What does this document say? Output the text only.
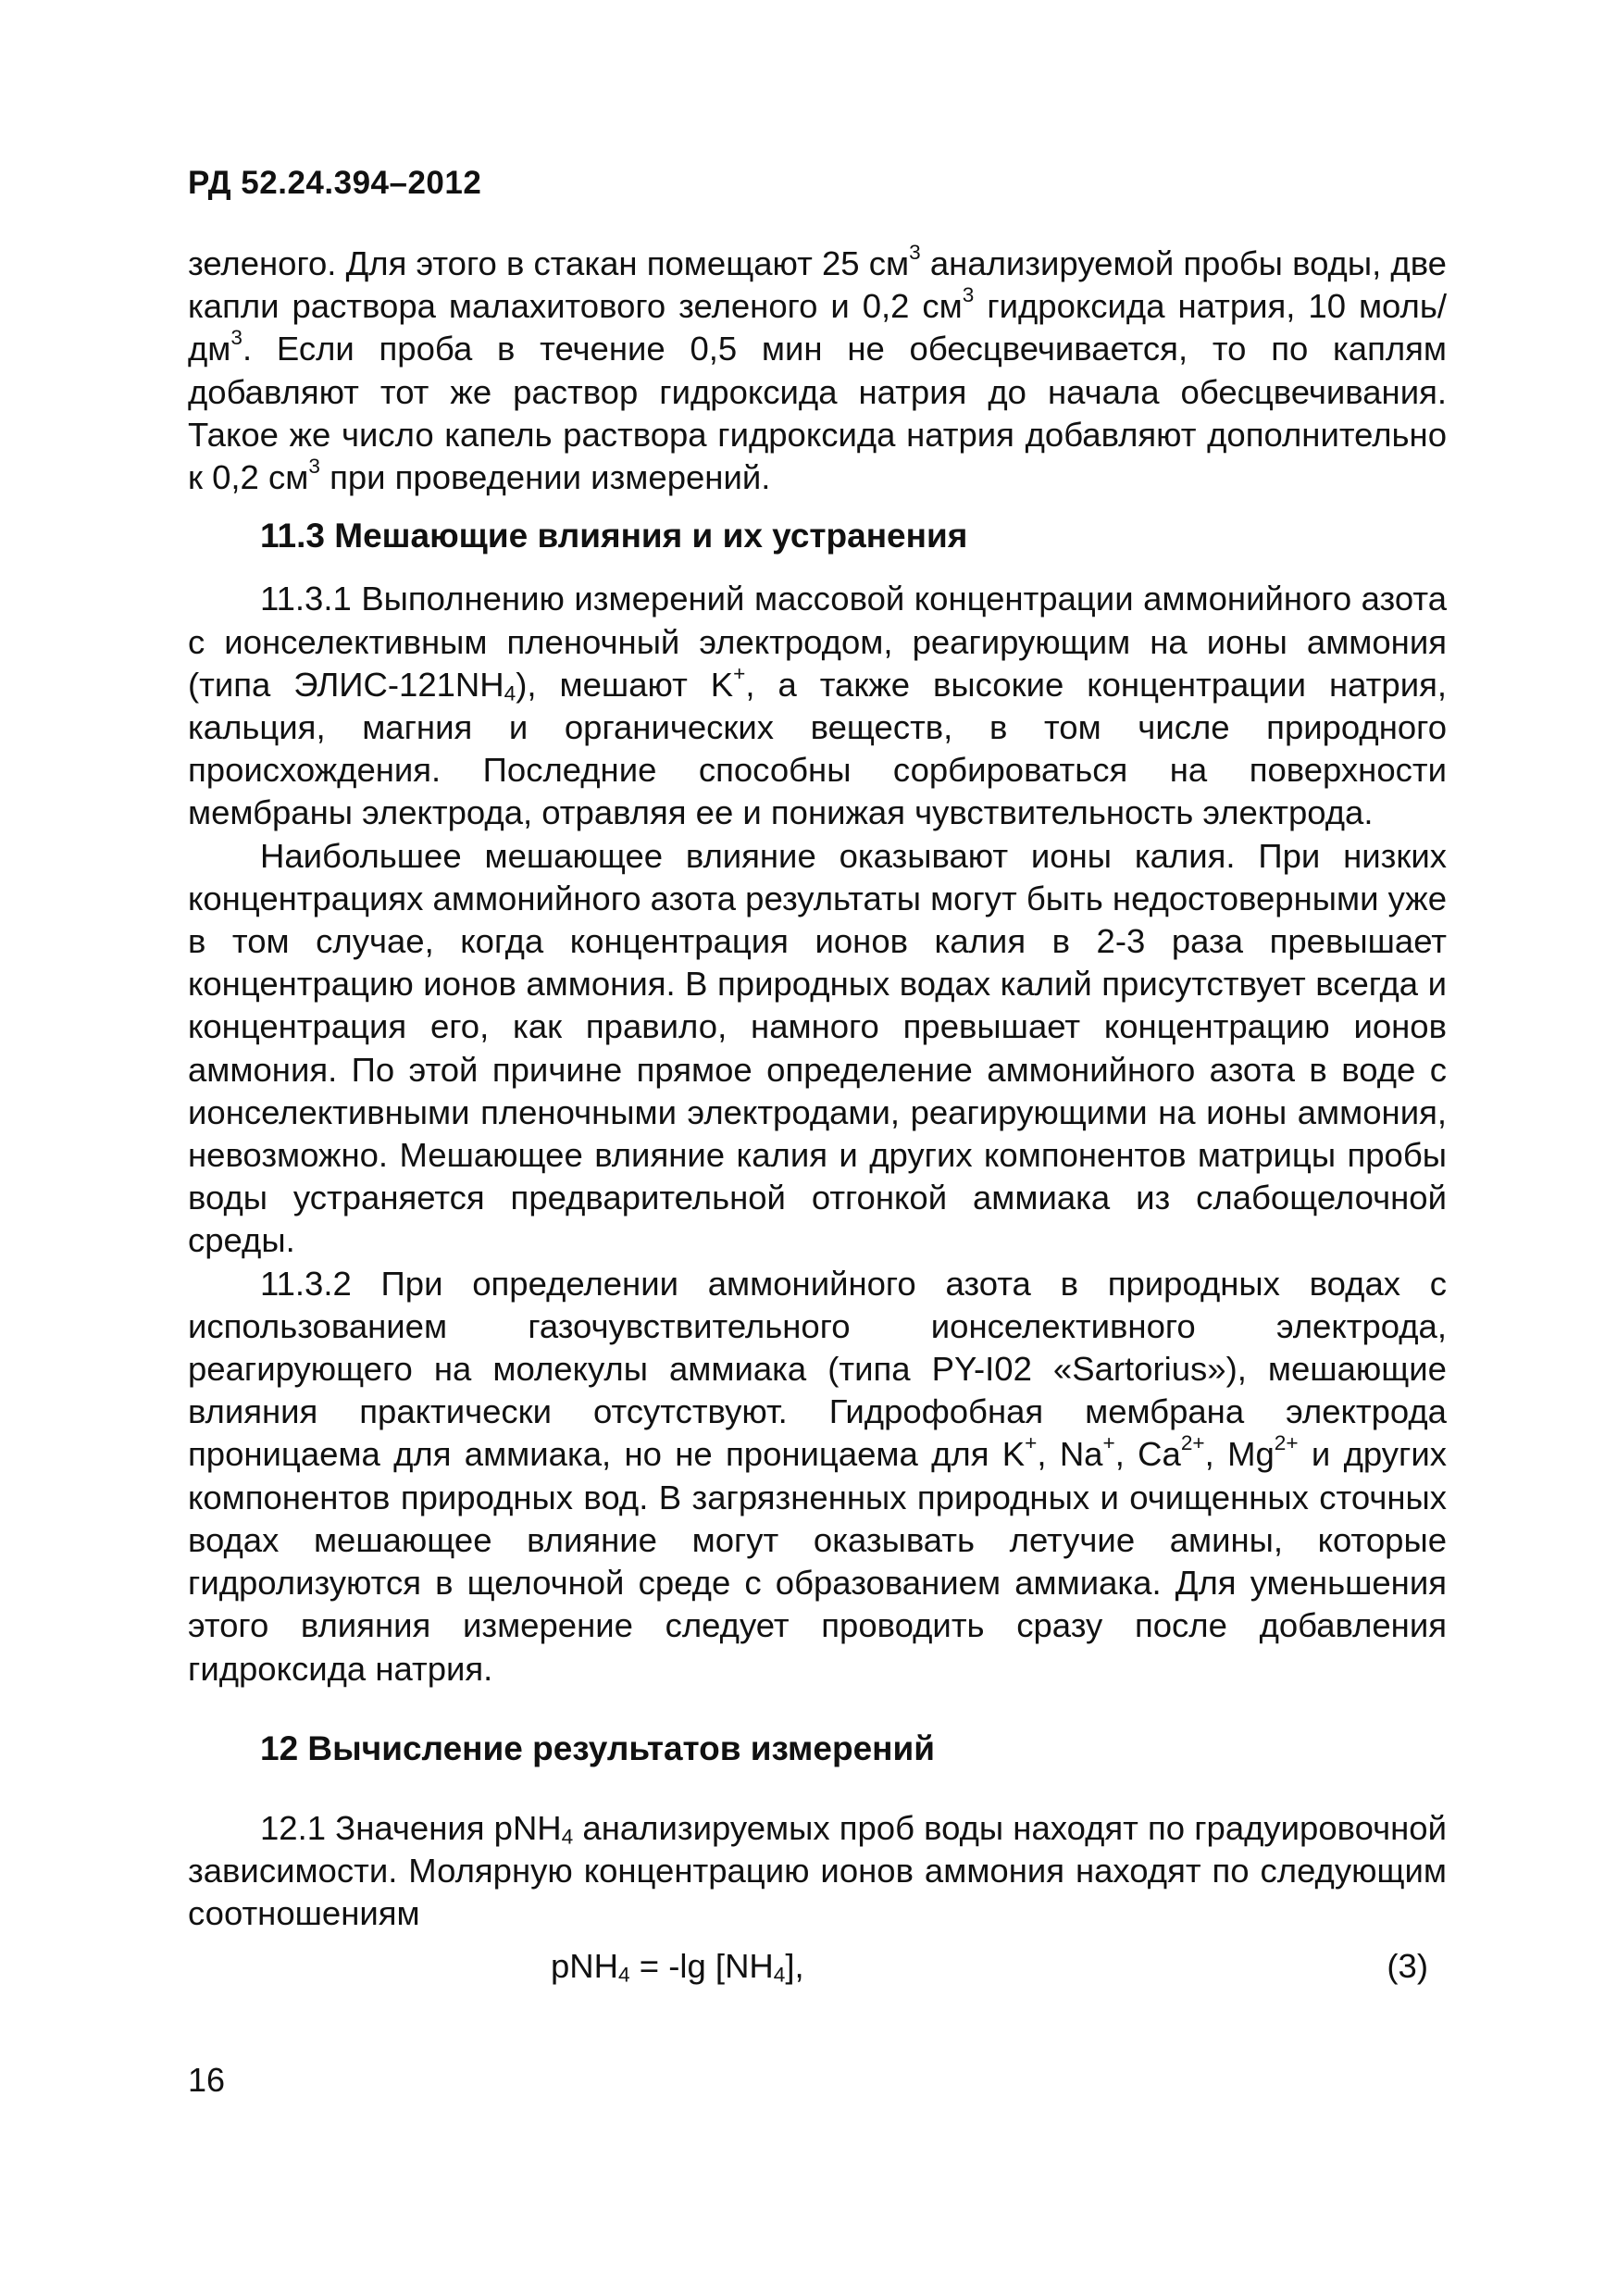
РД 52.24.394–2012

зеленого. Для этого в стакан помещают 25 $см^3$ анализируемой пробы воды, две капли раствора малахитового зеленого и 0,2 $см^3$ гидроксида натрия, 10 моль/$дм^3$. Если проба в течение 0,5 мин не обесцвечивается, то по каплям добавляют тот же раствор гидроксида натрия до начала обесцвечивания. Такое же число капель раствора гидроксида натрия добавляют дополнительно к 0,2 $см^3$ при проведении измерений.

11.3 Мешающие влияния и их устранения

11.3.1 Выполнению измерений массовой концентрации аммонийного азота с ионселективным пленочный электродом, реагирующим на ионы аммония (типа ЭЛИС-$121NH_4$), мешают K+, а также высокие концентрации натрия, кальция, магния и органических веществ, в том числе природного происхождения. Последние способны сорбироваться на поверхности мембраны электрода, отравляя ее и понижая чувствительность электрода.

Наибольшее мешающее влияние оказывают ионы калия. При низких концентрациях аммонийного азота результаты могут быть недостоверными уже в том случае, когда концентрация ионов калия в 2-3 раза превышает концентрацию ионов аммония. В природных водах калий присутствует всегда и концентрация его, как правило, намного превышает концентрацию ионов аммония. По этой причине прямое определение аммонийного азота в воде с ионселективными пленочными электродами, реагирующими на ионы аммония, невозможно. Мешающее влияние калия и других компонентов матрицы пробы воды устраняется предварительной отгонкой аммиака из слабощелочной среды.

11.3.2 При определении аммонийного азота в природных водах с использованием газочувствительного ионселективного электрода, реагирующего на молекулы аммиака (типа PY-I02 «Sartorius»), мешающие влияния практически отсутствуют. Гидрофобная мембрана электрода проницаема для аммиака, но не проницаема для K+, Na+, $Ca^{2+}$, $Mg^{2+}$ и других компонентов природных вод. В загрязненных природных и очищенных сточных водах мешающее влияние могут оказывать летучие амины, которые гидролизуются в щелочной среде с образованием аммиака. Для уменьшения этого влияния измерение следует проводить сразу после добавления гидроксида натрия.

12 Вычисление результатов измерений

12.1 Значения pNH$_4$ анализируемых проб воды находят по градуировочной зависимости. Молярную концентрацию ионов аммония находят по следующим соотношениям

pNH$_4$ = -lg $[NH_4]$,	(3)
16
